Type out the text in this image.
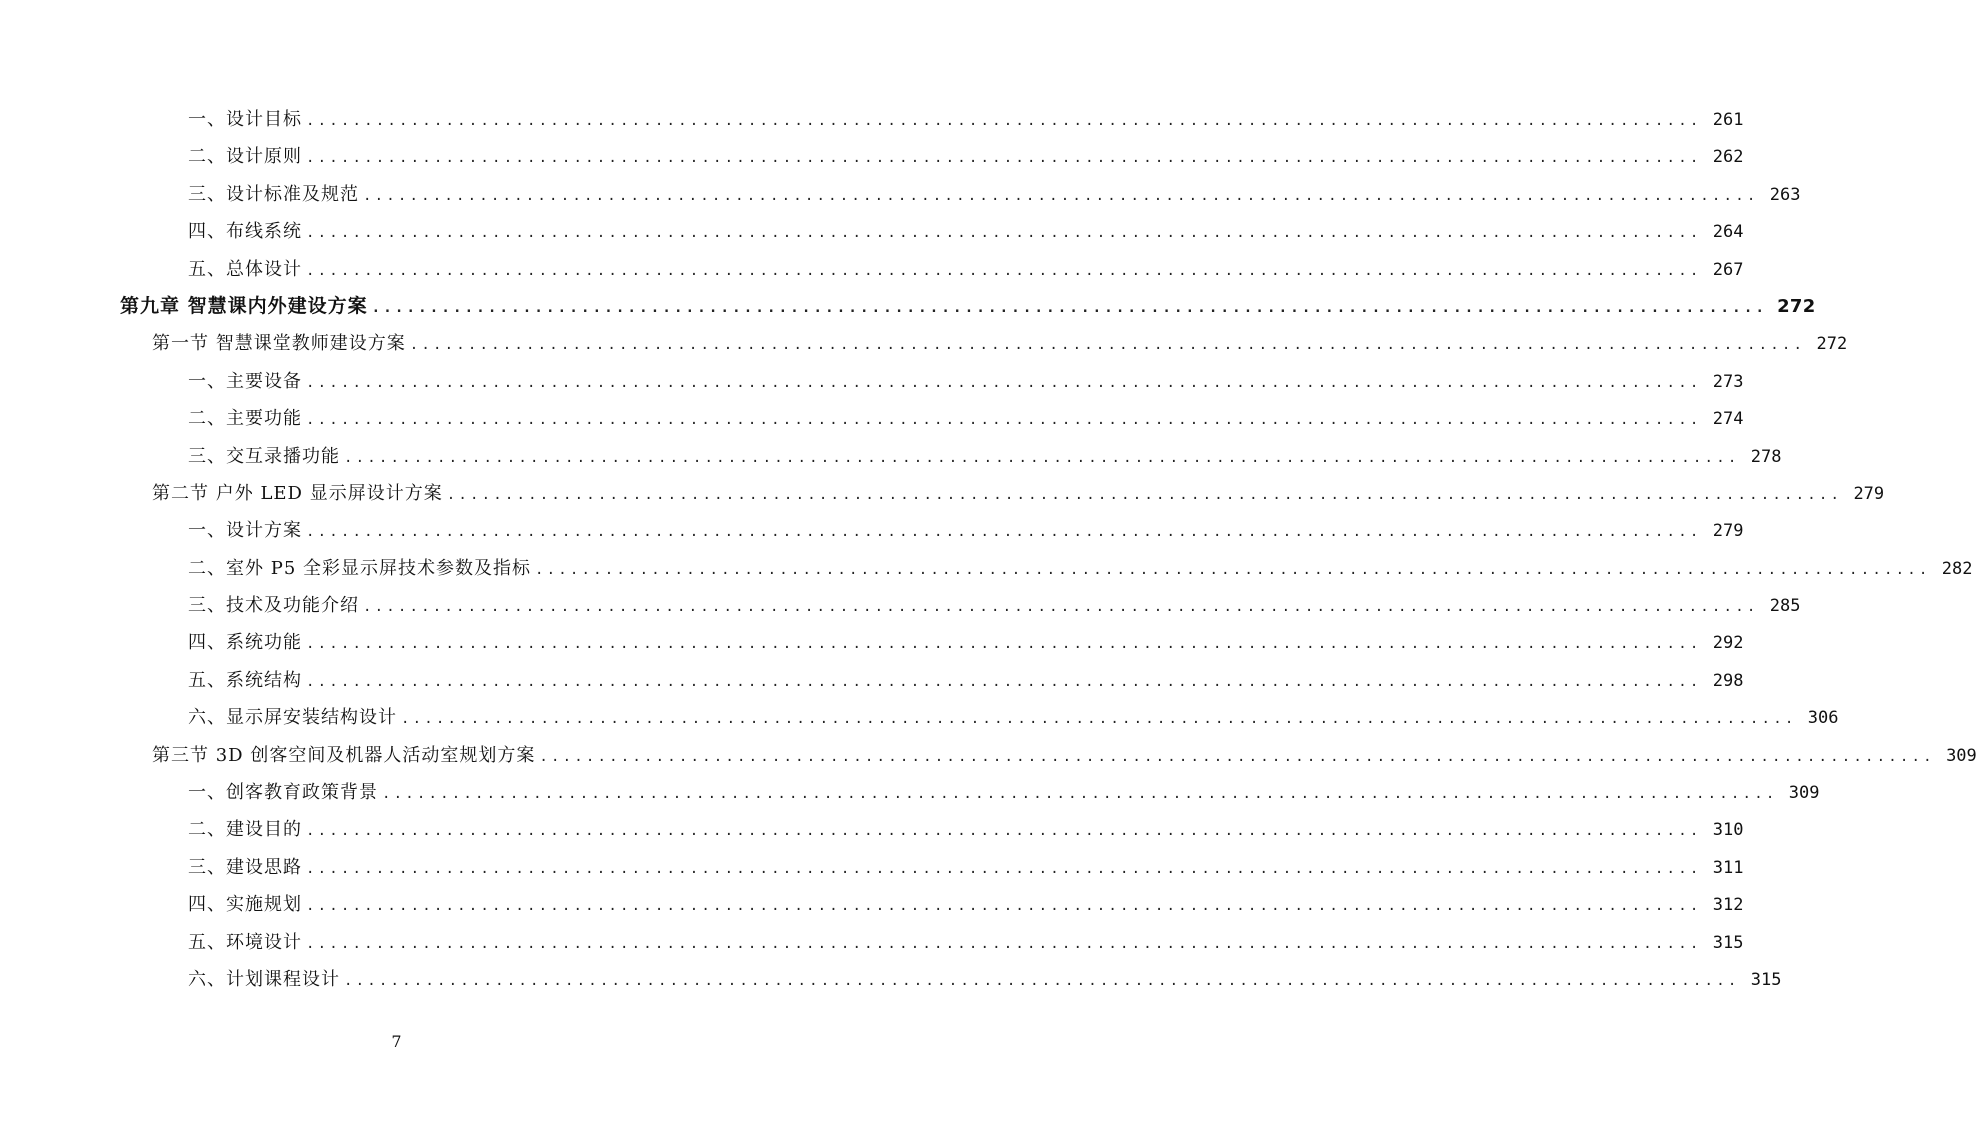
一、设计目标 ........................................................................................................................ 261
二、设计原则 ........................................................................................................................ 262
三、设计标准及规范 ........................................................................................................................ 263
四、布线系统 ........................................................................................................................ 264
五、总体设计 ........................................................................................................................ 267
第九章 智慧课内外建设方案 ........................................................................................................................ 272
第一节 智慧课堂教师建设方案 ........................................................................................................................ 272
一、主要设备 ........................................................................................................................ 273
二、主要功能 ........................................................................................................................ 274
三、交互录播功能 ........................................................................................................................ 278
第二节 户外 LED 显示屏设计方案 ........................................................................................................................ 279
一、设计方案 ........................................................................................................................ 279
二、室外 P5 全彩显示屏技术参数及指标 ........................................................................................................................ 282
三、技术及功能介绍 ........................................................................................................................ 285
四、系统功能 ........................................................................................................................ 292
五、系统结构 ........................................................................................................................ 298
六、显示屏安装结构设计 ........................................................................................................................ 306
第三节 3D 创客空间及机器人活动室规划方案 ........................................................................................................................ 309
一、创客教育政策背景 ........................................................................................................................ 309
二、建设目的 ........................................................................................................................ 310
三、建设思路 ........................................................................................................................ 311
四、实施规划 ........................................................................................................................ 312
五、环境设计 ........................................................................................................................ 315
六、计划课程设计 ........................................................................................................................ 315
7
